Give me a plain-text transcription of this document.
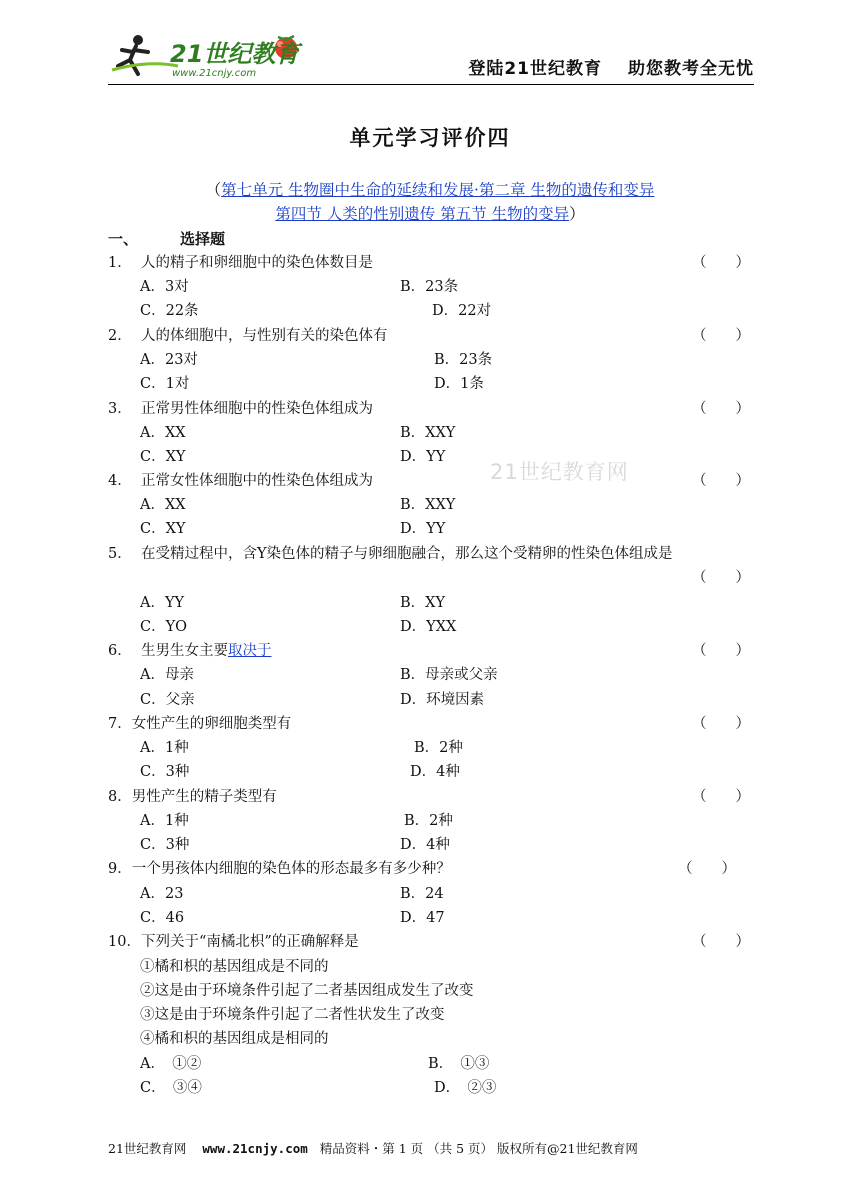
21世纪教育
www.21cnjy.com	登陆21世纪教育 助您教考全无忧
单元学习评价四
（第七单元 生物圈中生命的延续和发展·第二章 生物的遗传和变异
第四节 人类的性别遗传 第五节 生物的变异）
一、	选择题
1． 人的精子和卵细胞中的染色体数目是	（　　）
A．3对	B．23条
C．22条	D．22对
2． 人的体细胞中，与性别有关的染色体有	（　　）
A．23对	B．23条
C．1对	D．1条
3． 正常男性体细胞中的性染色体组成为	（　　）
A．XX	B．XXY
C．XY	D．YY
21世纪教育网
4． 正常女性体细胞中的性染色体组成为	（　　）
A．XX	B．XXY
C．XY	D．YY
5． 在受精过程中，含Y染色体的精子与卵细胞融合，那么这个受精卵的性染色体组成是
（　　）
A．YY	B．XY
C．YO	D．YXX
6． 生男生女主要取决于	（　　）
A．母亲	B．母亲或父亲
C．父亲	D．环境因素
7．女性产生的卵细胞类型有	（　　）
A．1种	B．2种
C．3种	D．4种
8．男性产生的精子类型有	（　　）
A．1种	B．2种
C．3种	D．4种
9．一个男孩体内细胞的染色体的形态最多有多少种？	（　　）
A．23	B．24
C．46	D．47
10．下列关于“南橘北枳”的正确解释是	（　　）
①橘和枳的基因组成是不同的
②这是由于环境条件引起了二者基因组成发生了改变
③这是由于环境条件引起了二者性状发生了改变
④橘和枳的基因组成是相同的
A．　①②	B．　①③
C．　③④	D．　②③
21世纪教育网 www.21cnjy.com 精品资料・第 1 页 （共 5 页） 版权所有@21世纪教育网
